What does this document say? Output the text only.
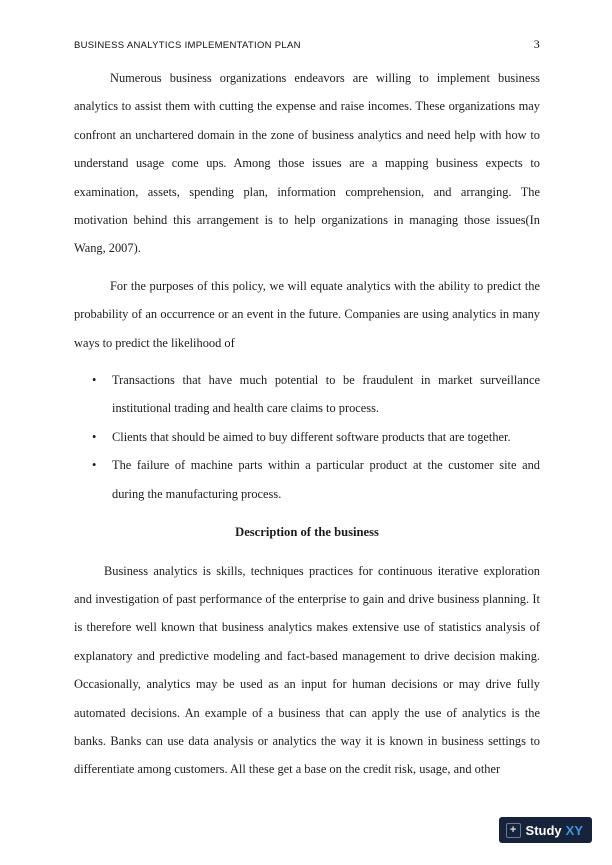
BUSINESS ANALYTICS IMPLEMENTATION PLAN	3

Numerous business organizations endeavors are willing to implement business analytics to assist them with cutting the expense and raise incomes. These organizations may confront an unchartered domain in the zone of business analytics and need help with how to understand usage come ups. Among those issues are a mapping business expects to examination, assets, spending plan, information comprehension, and arranging. The motivation behind this arrangement is to help organizations in managing those issues(In Wang, 2007).

For the purposes of this policy, we will equate analytics with the ability to predict the probability of an occurrence or an event in the future. Companies are using analytics in many ways to predict the likelihood of

• Transactions that have much potential to be fraudulent in market surveillance institutional trading and health care claims to process.
• Clients that should be aimed to buy different software products that are together.
• The failure of machine parts within a particular product at the customer site and during the manufacturing process.
Description of the business

Business analytics is skills, techniques practices for continuous iterative exploration and investigation of past performance of the enterprise to gain and drive business planning. It is therefore well known that business analytics makes extensive use of statistics analysis of explanatory and predictive modeling and fact-based management to drive decision making. Occasionally, analytics may be used as an input for human decisions or may drive fully automated decisions. An example of a business that can apply the use of analytics is the banks. Banks can use data analysis or analytics the way it is known in business settings to differentiate among customers. All these get a base on the credit risk, usage, and other

+ Study XY
